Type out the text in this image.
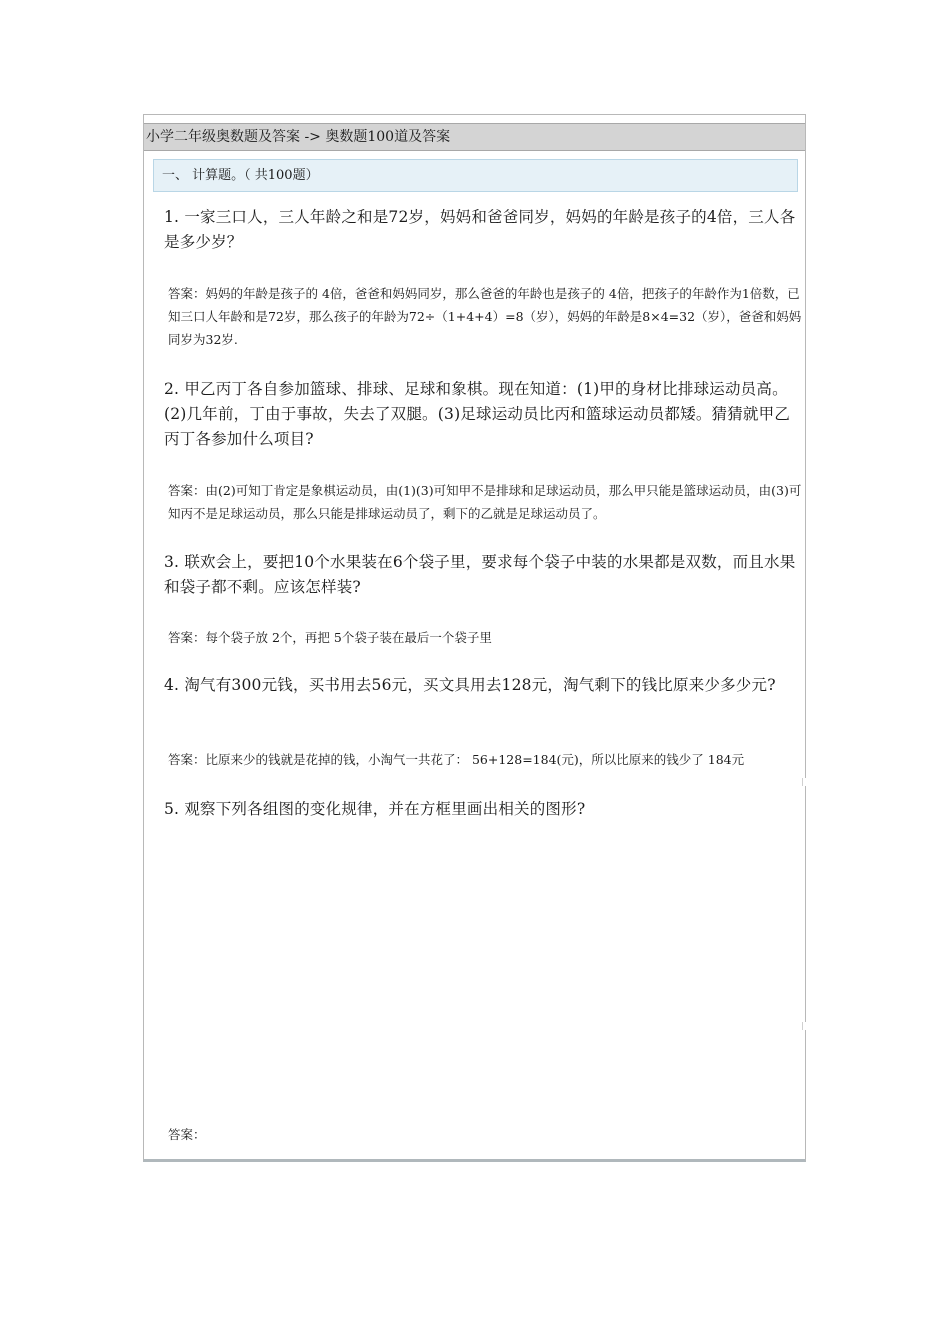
小学二年级奥数题及答案 -> 奥数题100道及答案
一、 计算题。（ 共100题）
1. 一家三口人，三人年龄之和是72岁，妈妈和爸爸同岁，妈妈的年龄是孩子的4倍，三人各是多少岁？
答案：妈妈的年龄是孩子的 4倍，爸爸和妈妈同岁，那么爸爸的年龄也是孩子的 4倍，把孩子的年龄作为1倍数，已知三口人年龄和是72岁，那么孩子的年龄为72÷（1+4+4）=8（岁），妈妈的年龄是8×4=32（岁），爸爸和妈妈同岁为32岁.
2. 甲乙丙丁各自参加篮球、排球、足球和象棋。现在知道：(1)甲的身材比排球运动员高。(2)几年前，丁由于事故，失去了双腿。(3)足球运动员比丙和篮球运动员都矮。猜猜就甲乙丙丁各参加什么项目?
答案：由(2)可知丁肯定是象棋运动员，由(1)(3)可知甲不是排球和足球运动员，那么甲只能是篮球运动员，由(3)可知丙不是足球运动员，那么只能是排球运动员了，剩下的乙就是足球运动员了。
3. 联欢会上，要把10个水果装在6个袋子里，要求每个袋子中装的水果都是双数，而且水果和袋子都不剩。应该怎样装?
答案：每个袋子放 2个，再把 5个袋子装在最后一个袋子里
4. 淘气有300元钱，买书用去56元，买文具用去128元，淘气剩下的钱比原来少多少元?
答案：比原来少的钱就是花掉的钱，小淘气一共花了： 56+128=184(元)，所以比原来的钱少了 184元
5. 观察下列各组图的变化规律，并在方框里画出相关的图形?
答案：
